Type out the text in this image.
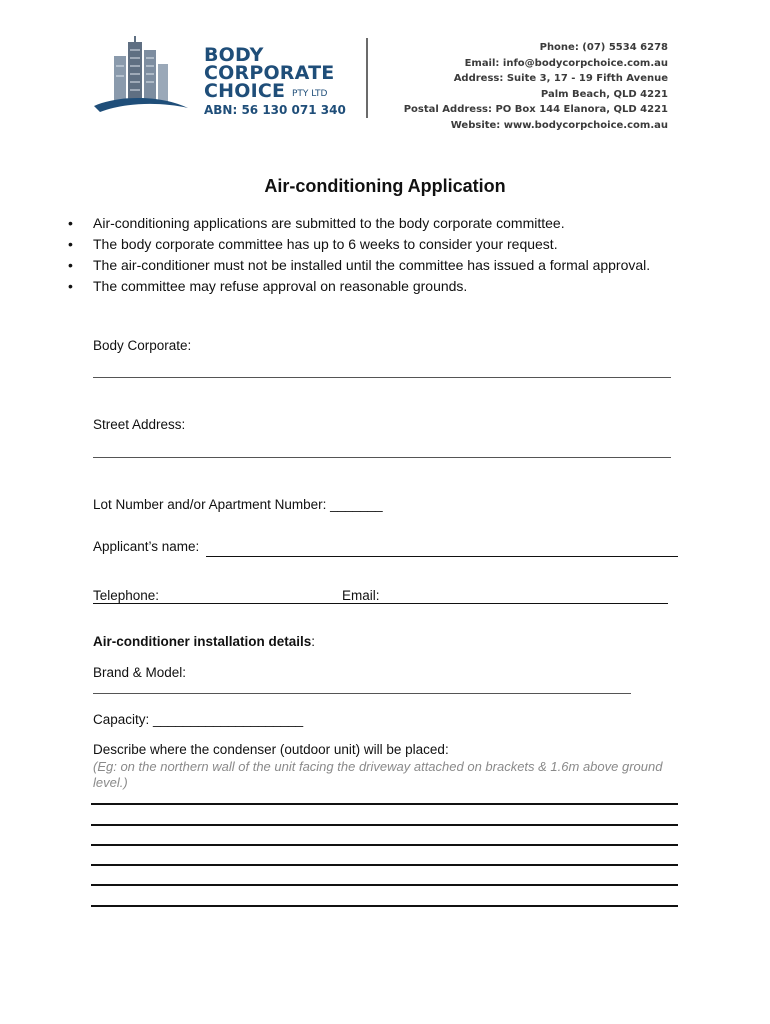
BODY
CORPORATE
CHOICE PTY LTD
ABN: 56 130 071 340
Phone: (07) 5534 6278
Email: info@bodycorpchoice.com.au
Address: Suite 3, 17 - 19 Fifth Avenue
Palm Beach, QLD 4221
Postal Address: PO Box 144 Elanora, QLD 4221
Website: www.bodycorpchoice.com.au
Air-conditioning Application
• Air-conditioning applications are submitted to the body corporate committee.
• The body corporate committee has up to 6 weeks to consider your request.
• The air-conditioner must not be installed until the committee has issued a formal approval.
• The committee may refuse approval on reasonable grounds.
Body Corporate:
Street Address:
Lot Number and/or Apartment Number: _______
Applicant’s name:
Telephone:	Email:
Air-conditioner installation details:
Brand & Model:
Capacity: ____________________
Describe where the condenser (outdoor unit) will be placed:
(Eg: on the northern wall of the unit facing the driveway attached on brackets & 1.6m above ground level.)
